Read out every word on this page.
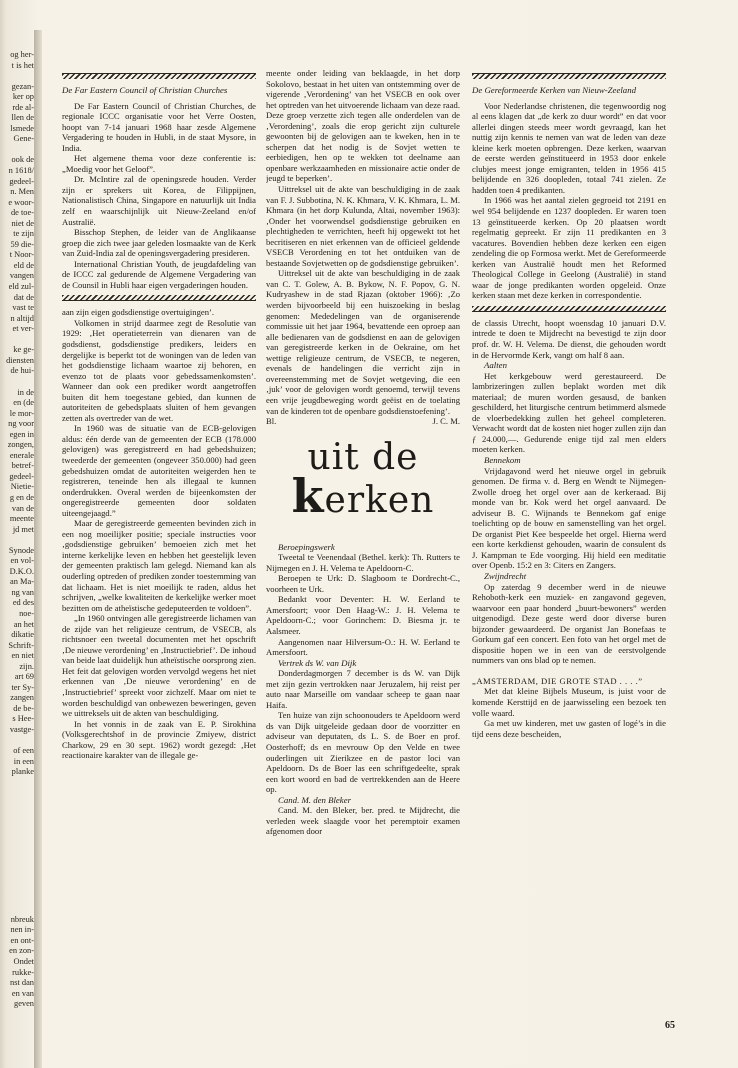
og her-
t is het
gezan-
ker op
rde al-
llen de
lsmede
Gene-
ook de
n 1618/
gedeel-
n. Men
e woor-
de toe-
niet de
te zijn
59 die-
t Noor-
eld de
vangen
eld zul-
dat de
vast te
n altijd
et ver-
ke ge-
diensten
de hui-
in de
en (de
le mor-
ng voor
egen in
zongen,
enerale
betref-
gedeel-
Nietie-
g en de
van de
meente
jd met
Synode
en vol-
D.K.O.
an Ma-
ng van
ed des
noe-
an het
dikatie
Schrift-
en niet
zijn.
art 69
ter Sy-
zangen
de be-
s Hee-
vastge-
of een
in een
planke
nbreuk
nen in-
en ont-
en zon-
Ondet
rukke-
nst dan
en van
geven
De Far Eastern Council of Christian Churches

De Far Eastern Council of Christian Churches, de regionale ICCC organisatie voor het Verre Oosten, hoopt van 7-14 januari 1968 haar zesde Algemene Vergadering te houden in Hubli, in de staat Mysore, in India.

Het algemene thema voor deze conferentie is: „Moedig voor het Geloof”.

Dr. McIntire zal de openingsrede houden. Verder zijn er sprekers uit Korea, de Filippijnen, Nationalistisch China, Singapore en natuurlijk uit India zelf en waarschijnlijk uit Nieuw-Zeeland en/of Australië.

Bisschop Stephen, de leider van de Anglikaanse groep die zich twee jaar geleden losmaakte van de Kerk van Zuid-India zal de openingsvergadering presideren.

International Christian Youth, de jeugdafdeling van de ICCC zal gedurende de Algemene Vergadering van de Counsil in Hubli haar eigen vergaderingen houden.

aan zijn eigen godsdienstige overtuigingen’.

Volkomen in strijd daarmee zegt de Resolutie van 1929: ‚Het operatieterrein van dienaren van de godsdienst, godsdienstige predikers, leiders en dergelijke is beperkt tot de woningen van de leden van het godsdienstige lichaam waartoe zij behoren, en evenzo tot de plaats voor gebedssamenkomsten’. Wanneer dan ook een prediker wordt aangetroffen buiten dit hem toegestane gebied, dan kunnen de autoriteiten de gebedsplaats sluiten of hem gevangen zetten als overtreder van de wet.

In 1960 was de situatie van de ECB-gelovigen aldus: één derde van de gemeenten der ECB (178.000 gelovigen) was geregistreerd en had gebedshuizen; tweederde der gemeenten (ongeveer 350.000) had geen gebedshuizen omdat de autoriteiten weigerden hen te registreren, teneinde hen als illegaal te kunnen onderdrukken. Overal werden de bijeenkomsten der ongeregistreerde gemeenten door soldaten uiteengejaagd.”

Maar de geregistreerde gemeenten bevinden zich in een nog moeilijker positie; speciale instructies voor ‚godsdienstige gebruiken’ bemoeien zich met het interne kerkelijke leven en hebben het geestelijk leven der gemeenten praktisch lam gelegd. Niemand kan als ouderling optreden of prediken zonder toestemming van dat lichaam. Het is niet moeilijk te raden, aldus het schrijven, „welke kwaliteiten de kerkelijke werker moet bezitten om de atheïstische gedeputeerden te voldoen”.

„In 1960 ontvingen alle geregistreerde lichamen van de zijde van het religieuze centrum, de VSECB, als richtsnoer een tweetal documenten met het opschrift ‚De nieuwe verordening’ en ‚Instructiebrief’. De inhoud van beide laat duidelijk hun atheïstische oorsprong zien. Het feit dat gelovigen worden vervolgd wegens het niet erkennen van ‚De nieuwe verordening’ en de ‚Instructiebrief’ spreekt voor zichzelf. Maar om niet te worden beschuldigd van onbewezen beweringen, geven we uittreksels uit de akten van beschuldiging.

In het vonnis in de zaak van E. P. Sirokhina (Volksgerechtshof in de provincie Zmiyew, district Charkow, 29 en 30 sept. 1962) wordt gezegd: ‚Het reactionaire karakter van de illegale ge-

meente onder leiding van beklaagde, in het dorp Sokolovo, bestaat in het uiten van ontstemming over de vigerende ‚Verordening’ van het VSECB en ook over het optreden van het uitvoerende lichaam van deze raad. Deze groep verzette zich tegen alle onderdelen van de ‚Verordening’, zoals die erop gericht zijn culturele gewoonten bij de gelovigen aan te kweken, hen in te scherpen dat het nodig is de Sovjet wetten te eerbiedigen, hen op te wekken tot deelname aan openbare werkzaamheden en missionaire actie onder de jeugd te beperken’.

Uittreksel uit de akte van beschuldiging in de zaak van F. J. Subbotina, N. K. Khmara, V. K. Khmara, L. M. Khmara (in het dorp Kulunda, Altai, november 1963): ‚Onder het voorwendsel godsdienstige gebruiken en plechtigheden te verrichten, heeft hij opgewekt tot het becritiseren en niet erkennen van de officieel geldende VSECB Verordening en tot het ontduiken van de bestaande Sovjetwetten op de godsdienstige gebruiken’.

Uittreksel uit de akte van beschuldiging in de zaak van C. T. Golew, A. B. Bykow, N. F. Popov, G. N. Kudryashew in de stad Rjazan (oktober 1966): ‚Zo werden bijvoorbeeld bij een huiszoeking in beslag genomen: Mededelingen van de organiserende commissie uit het jaar 1964, bevattende een oproep aan alle bedienaren van de godsdienst en aan de gelovigen van geregistreerde kerken in de Oekraine, om het wettige religieuze centrum, de VSECB, te negeren, evenals de handelingen die verricht zijn in overeenstemming met de Sovjet wetgeving, die een ‚juk’ voor de gelovigen wordt genoemd, terwijl tevens een vrije jeugdbeweging wordt geëist en de toelating van de kinderen tot de openbare godsdienstoefening’.

Bl.	J. C. M.

uit de kerken

Beroepingswerk

Tweetal te Veenendaal (Bethel. kerk): Th. Rutters te Nijmegen en J. H. Velema te Apeldoorn-C.

Beroepen te Urk: D. Slagboom te Dordrecht-C., voorheen te Urk.

Bedankt voor Deventer: H. W. Eerland te Amersfoort; voor Den Haag-W.: J. H. Velema te Apeldoorn-C.; voor Gorinchem: D. Biesma jr. te Aalsmeer.

Aangenomen naar Hilversum-O.: H. W. Eerland te Amersfoort.

Vertrek ds W. van Dijk

Donderdagmorgen 7 december is ds W. van Dijk met zijn gezin vertrokken naar Jeruzalem, hij reist per auto naar Marseille om vandaar scheep te gaan naar Haifa.

Ten huize van zijn schoonouders te Apeldoorn werd ds van Dijk uitgeleide gedaan door de voorzitter en adviseur van deputaten, ds L. S. de Boer en prof. Oosterhoff; ds en mevrouw Op den Velde en twee ouderlingen uit Zierikzee en de pastor loci van Apeldoorn. Ds de Boer las een schriftgedeelte, sprak een kort woord en bad de vertrekkenden aan de Heere op.

Cand. M. den Bleker

Cand. M. den Bleker, ber. pred. te Mijdrecht, die verleden week slaagde voor het peremptoir examen afgenomen door

De Gereformeerde Kerken van Nieuw-Zeeland

Voor Nederlandse christenen, die tegenwoordig nog al eens klagen dat „de kerk zo duur wordt” en dat voor allerlei dingen steeds meer wordt gevraagd, kan het nuttig zijn kennis te nemen van wat de leden van deze kleine kerk moeten opbrengen. Deze kerken, waarvan de eerste werden geïnstitueerd in 1953 door enkele clubjes meest jonge emigranten, telden in 1956 415 belijdende en 326 doopleden, totaal 741 zielen. Ze hadden toen 4 predikanten.

In 1966 was het aantal zielen gegroeid tot 2191 en wel 954 belijdende en 1237 doopleden. Er waren toen 13 geïnstitueerde kerken. Op 20 plaatsen wordt regelmatig gepreekt. Er zijn 11 predikanten en 3 vacatures. Bovendien hebben deze kerken een eigen zendeling die op Formosa werkt. Met de Gereformeerde kerken van Australië houdt men het Reformed Theological College in Geelong (Australië) in stand waar de jonge predikanten worden opgeleid. Onze kerken staan met deze kerken in correspondentie.

de classis Utrecht, hoopt woensdag 10 januari D.V. intrede te doen te Mijdrecht na bevestigd te zijn door prof. dr. W. H. Velema. De dienst, die gehouden wordt in de Hervormde Kerk, vangt om half 8 aan.

Aalten

Het kerkgebouw werd gerestaureerd. De lambrizeringen zullen beplakt worden met dik materiaal; de muren worden gesausd, de banken geschilderd, het liturgische centrum betimmerd alsmede de vloerbedekking zullen het geheel completeren. Verwacht wordt dat de kosten niet hoger zullen zijn dan ƒ 24.000,—. Gedurende enige tijd zal men elders moeten kerken.

Bennekom

Vrijdagavond werd het nieuwe orgel in gebruik genomen. De firma v. d. Berg en Wendt te Nijmegen-Zwolle droeg het orgel over aan de kerkeraad. Bij monde van br. Kok werd het orgel aanvaard. De adviseur B. C. Wijnands te Bennekom gaf enige toelichting op de bouw en samenstelling van het orgel. De organist Piet Kee bespeelde het orgel. Hierna werd een korte kerkdienst gehouden, waarin de consulent ds J. Kampman te Ede voorging. Hij hield een meditatie over Openb. 15:2 en 3: Citers en Zangers.

Zwijndrecht

Op zaterdag 9 december werd in de nieuwe Rehoboth-kerk een muziek- en zangavond gegeven, waarvoor een paar honderd „buurt-bewoners” werden uitgenodigd. Deze geste werd door diverse buren bijzonder gewaardeerd. De organist Jan Bonefaas te Gorkum gaf een concert. Een foto van het orgel met de dispositie hopen we in een van de eerstvolgende nummers van ons blad op te nemen.

„AMSTERDAM, DIE GROTE STAD . . . .”

Met dat kleine Bijbels Museum, is juist voor de komende Kersttijd en de jaarwisseling een bezoek ten volle waard.

Ga met uw kinderen, met uw gasten of logé’s in die tijd eens deze bescheiden,

65
